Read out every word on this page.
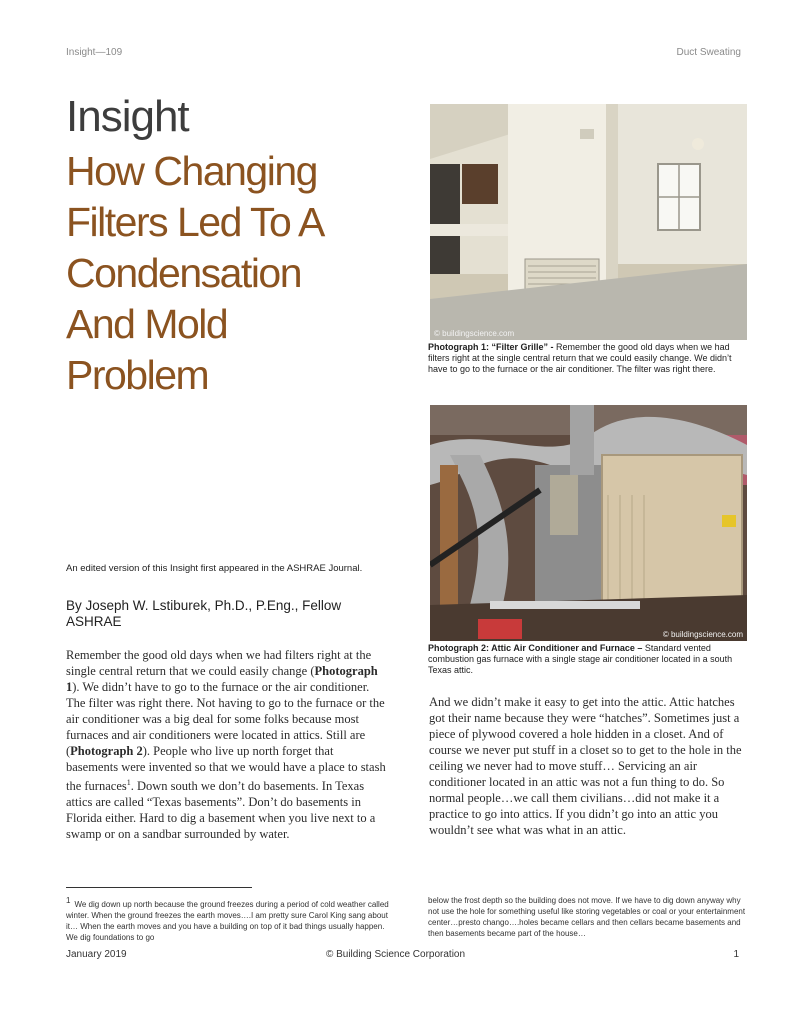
Insight—109	Duct Sweating
Insight
How Changing
Filters Led To A
Condensation
And Mold
Problem
© buildingscience.com
Photograph 1: “Filter Grille” - Remember the good old days when we had filters right at the single central return that we could easily change. We didn’t have to go to the furnace or the air conditioner. The filter was right there.
© buildingscience.com
Photograph 2: Attic Air Conditioner and Furnace – Standard vented combustion gas furnace with a single stage air conditioner located in a south Texas attic.
An edited version of this Insight first appeared in the ASHRAE Journal.
By Joseph W. Lstiburek, Ph.D., P.Eng., Fellow ASHRAE
Remember the good old days when we had filters right at the single central return that we could easily change (Photograph 1). We didn’t have to go to the furnace or the air conditioner. The filter was right there. Not having to go to the furnace or the air conditioner was a big deal for some folks because most furnaces and air conditioners were located in attics. Still are (Photograph 2). People who live up north forget that basements were invented so that we would have a place to stash the furnaces$^1$. Down south we don’t do basements. In Texas attics are called “Texas basements”. Don’t do basements in Florida either. Hard to dig a basement when you live next to a swamp or on a sandbar surrounded by water.
And we didn’t make it easy to get into the attic. Attic hatches got their name because they were “hatches”. Sometimes just a piece of plywood covered a hole hidden in a closet. And of course we never put stuff in a closet so to get to the hole in the ceiling we never had to move stuff… Servicing an air conditioner located in an attic was not a fun thing to do. So normal people…we call them civilians…did not make it a practice to go into attics. If you didn’t go into an attic you wouldn’t see what was what in an attic.
$^1$ We dig down up north because the ground freezes during a period of cold weather called winter. When the ground freezes the earth moves….I am pretty sure Carol King sang about it… When the earth moves and you have a building on top of it bad things usually happen. We dig foundations to go
below the frost depth so the building does not move. If we have to dig down anyway why not use the hole for something useful like storing vegetables or coal or your entertainment center…presto chango….holes became cellars and then cellars became basements and then basements became part of the house…
January 2019	© Building Science Corporation	1
